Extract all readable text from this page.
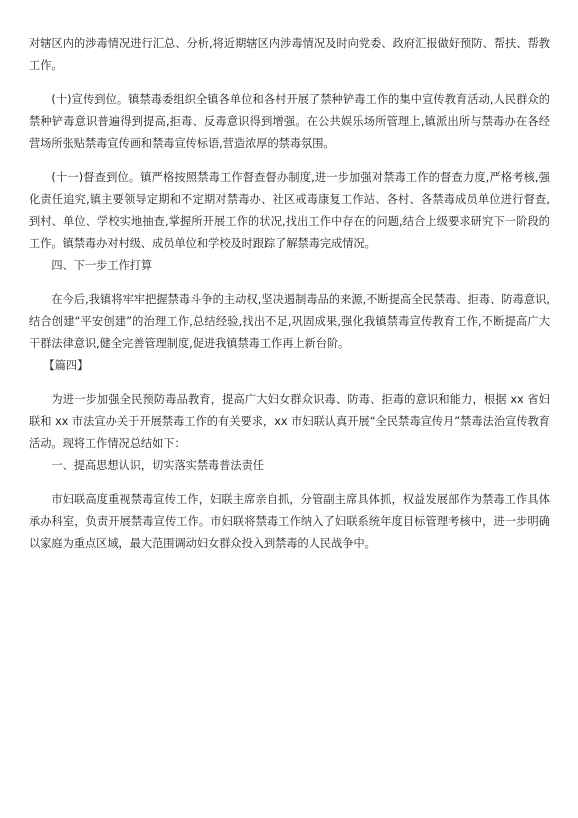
对辖区内的涉毒情况进行汇总、分析,将近期辖区内涉毒情况及时向党委、政府汇报做好预防、帮扶、帮教工作。

(十)宣传到位。镇禁毒委组织全镇各单位和各村开展了禁种铲毒工作的集中宣传教育活动,人民群众的禁种铲毒意识普遍得到提高,拒毒、反毒意识得到增强。在公共娱乐场所管理上,镇派出所与禁毒办在各经营场所张贴禁毒宣传画和禁毒宣传标语,营造浓厚的禁毒氛围。

(十一)督查到位。镇严格按照禁毒工作督查督办制度,进一步加强对禁毒工作的督查力度,严格考核,强化责任追究,镇主要领导定期和不定期对禁毒办、社区戒毒康复工作站、各村、各禁毒成员单位进行督查,到村、单位、学校实地抽查,掌握所开展工作的状况,找出工作中存在的问题,结合上级要求研究下一阶段的工作。镇禁毒办对村级、成员单位和学校及时跟踪了解禁毒完成情况。

四、下一步工作打算

在今后,我镇将牢牢把握禁毒斗争的主动权,坚决遏制毒品的来源,不断提高全民禁毒、拒毒、防毒意识,结合创建“平安创建”的治理工作,总结经验,找出不足,巩固成果,强化我镇禁毒宣传教育工作,不断提高广大干群法律意识,健全完善管理制度,促进我镇禁毒工作再上新台阶。

【篇四】

为进一步加强全民预防毒品教育，提高广大妇女群众识毒、防毒、拒毒的意识和能力，根据 xx 省妇联和 xx 市法宣办关于开展禁毒工作的有关要求，xx 市妇联认真开展“全民禁毒宣传月”禁毒法治宣传教育活动。现将工作情况总结如下：

一、提高思想认识，切实落实禁毒普法责任

市妇联高度重视禁毒宣传工作，妇联主席亲自抓，分管副主席具体抓，权益发展部作为禁毒工作具体承办科室，负责开展禁毒宣传工作。市妇联将禁毒工作纳入了妇联系统年度目标管理考核中，进一步明确以家庭为重点区域，最大范围调动妇女群众投入到禁毒的人民战争中。
